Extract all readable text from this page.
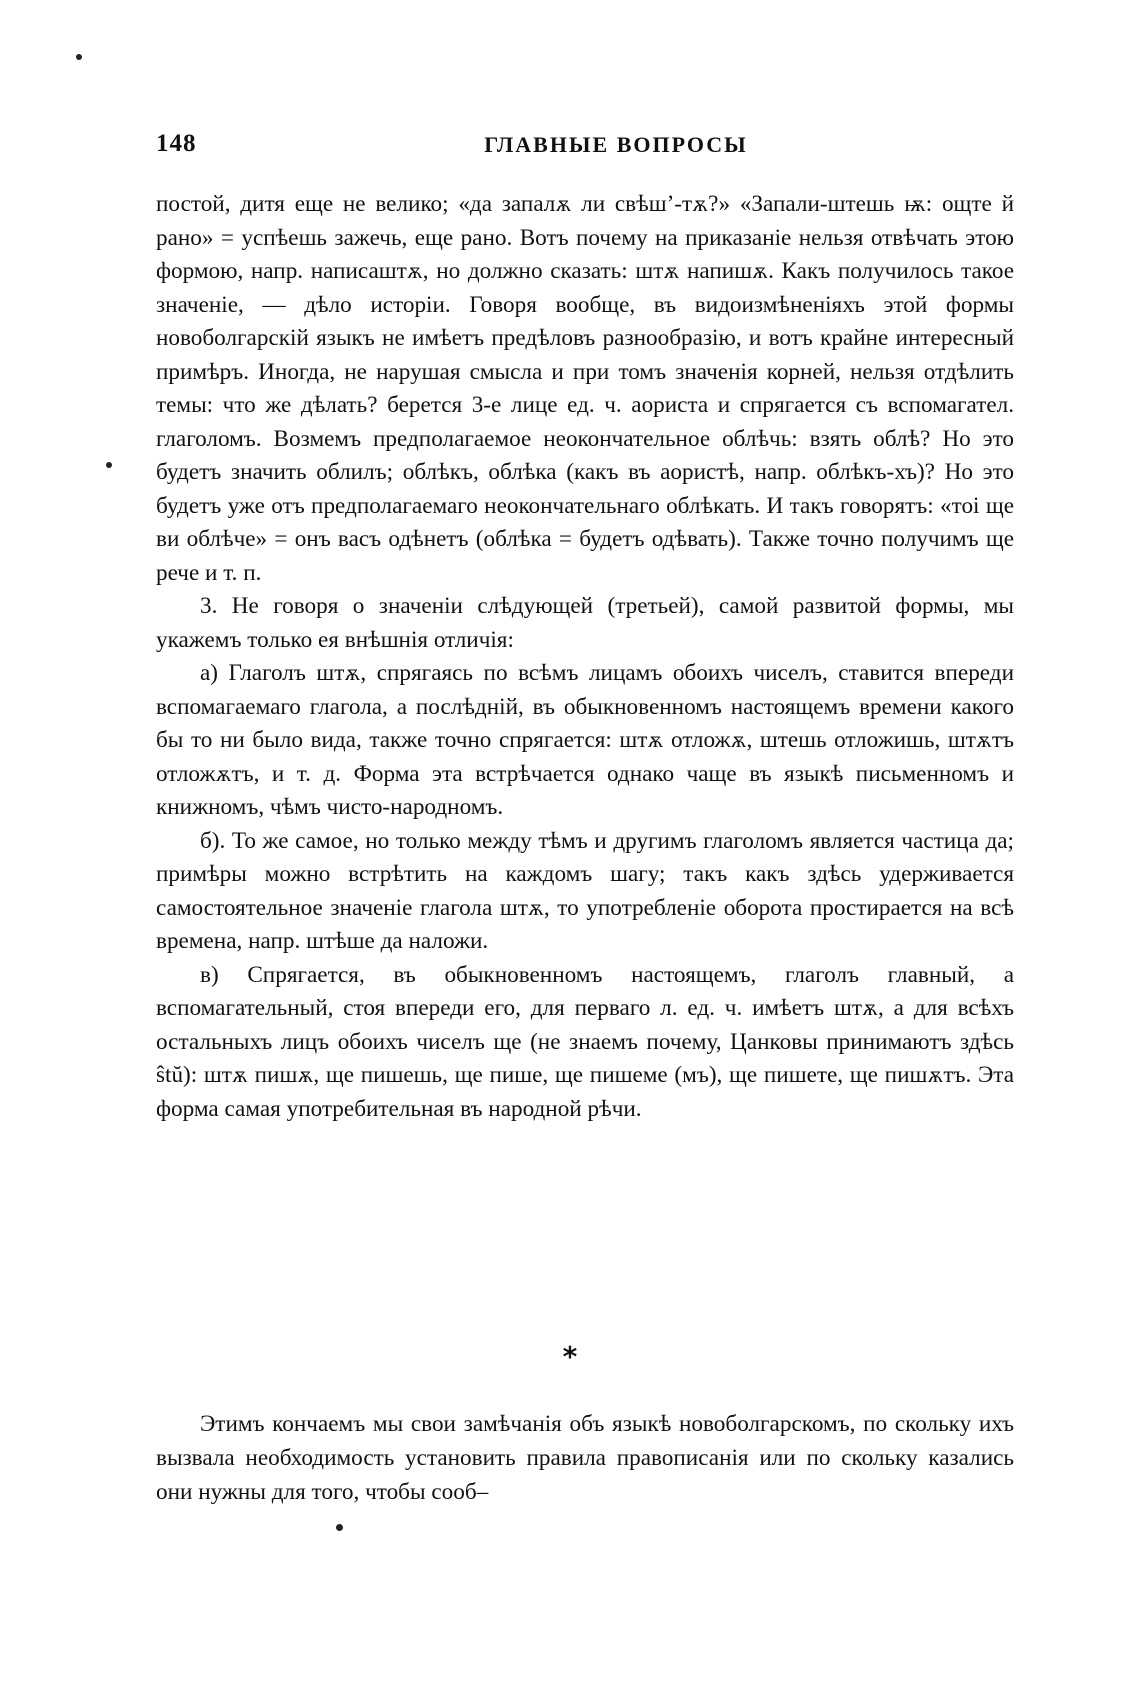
148	ГЛАВНЫЕ ВОПРОСЫ

постой, дитя еще не велико; «да запалѫ ли свѣш’-тѫ?» «Запали-штешь ѭ: ощте й рано» = успѣешь зажечь, еще рано. Вотъ почему на приказаніе нельзя отвѣчать этою формою, напр. написаштѫ, но должно сказать: штѫ напишѫ. Какъ получилось такое значеніе, — дѣло исторіи. Говоря вообще, въ видоизмѣненіяхъ этой формы новоболгарскій языкъ не имѣетъ предѣловъ разнообразію, и вотъ крайне интересный примѣръ. Иногда, не нарушая смысла и при томъ значенія корней, нельзя отдѣлить темы: что же дѣлать? берется 3-е лице ед. ч. аориста и спрягается съ вспомагател. глаголомъ. Возмемъ предполагаемое неокончательное облѣчь: взять облѣ? Но это будетъ значить облилъ; облѣкъ, облѣка (какъ въ аористѣ, напр. облѣкъ-хъ)? Но это будетъ уже отъ предполагаемаго неокончательнаго облѣкать. И такъ говорятъ: «тоі ще ви облѣче» = онъ васъ одѣнетъ (облѣка = будетъ одѣвать). Также точно получимъ ще рече и т. п.

3. Не говоря о значеніи слѣдующей (третьей), самой развитой формы, мы укажемъ только ея внѣшнія отличія:

а) Глаголъ штѫ, спрягаясь по всѣмъ лицамъ обоихъ чиселъ, ставится впереди вспомагаемаго глагола, а послѣдній, въ обыкновенномъ настоящемъ времени какого бы то ни было вида, также точно спрягается: штѫ отложѫ, штешь отложишь, штѫтъ отложѫтъ, и т. д. Форма эта встрѣчается однако чаще въ языкѣ письменномъ и книжномъ, чѣмъ чисто-народномъ.

б). То же самое, но только между тѣмъ и другимъ глаголомъ является частица да; примѣры можно встрѣтить на каждомъ шагу; такъ какъ здѣсь удерживается самостоятельное значеніе глагола штѫ, то употребленіе оборота простирается на всѣ времена, напр. штѣше да наложи.

в) Спрягается, въ обыкновенномъ настоящемъ, глаголъ главный, а вспомагательный, стоя впереди его, для перваго л. ед. ч. имѣетъ штѫ, а для всѣхъ остальныхъ лицъ обоихъ чиселъ ще (не знаемъ почему, Цанковы принимаютъ здѣсь ŝtŭ): штѫ пишѫ, ще пишешь, ще пише, ще пишеме (мъ), ще пишете, ще пишѫтъ. Эта форма самая употребительная въ народной рѣчи.

*

Этимъ кончаемъ мы свои замѣчанія объ языкѣ новоболгарскомъ, по скольку ихъ вызвала необходимость установить правила правописанія или по скольку казались они нужны для того, чтобы сооб–
